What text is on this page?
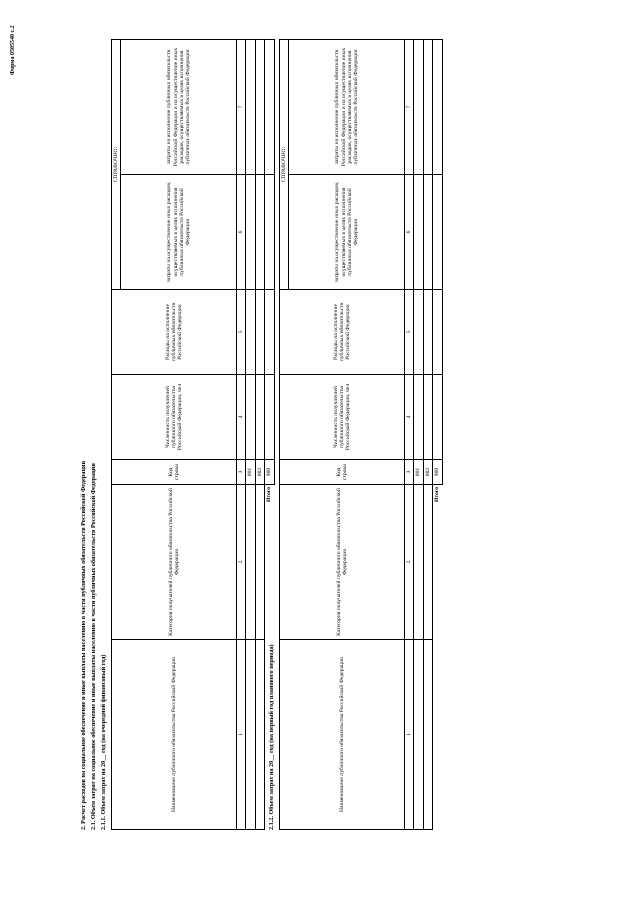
Форма 0505540 с.2
2. Расчет расходов на социальное обеспечение и иные выплаты населению в части публичных обязательств Российской Федерации 2.1. Объем затрат на социальное обеспечение и иные выплаты населению в части публичных обязательств Российской Федерации 2.1.1. Объем затрат на 20__ год (на очередной финансовый год)	Наименование публичного обязательства Российской Федерации	Категория получателей публичного обязательства Российской Федерации	Код строки	Численность получателей публичного обязательства Российской Федерации, чел	Расходы на исполнение публичных обязательств Российской Федерации	СПРАВОЧНО:	
					затраты на осуществление иных расходов, осуществляемых в целях исполнения публичных обязательств Российской Федерации	затраты на исполнение публичных обязательств Российской Федерации и на осуществление иных расходов, осуществляемых в целях исполнения публичных обязательств Российской Федерации
1	2	3	4	5	6	7
		001				
		002				
	Итого	900				
2.1.2. Объем затрат на 20__ год (на первый год планового периода)	Наименование публичного обязательства Российской Федерации	Категория получателей публичного обязательства Российской Федерации	Код строки	Численность получателей публичного обязательства Российской Федерации, чел	Расходы на исполнение публичных обязательств Российской Федерации	СПРАВОЧНО:	
					затраты на осуществление иных расходов, осуществляемых в целях исполнения публичных обязательств Российской Федерации	затраты на исполнение публичных обязательств Российской Федерации и на осуществление иных расходов, осуществляемых в целях исполнения публичных обязательств Российской Федерации
1	2	3	4	5	6	7
		001				
		002				
	Итого	900				
